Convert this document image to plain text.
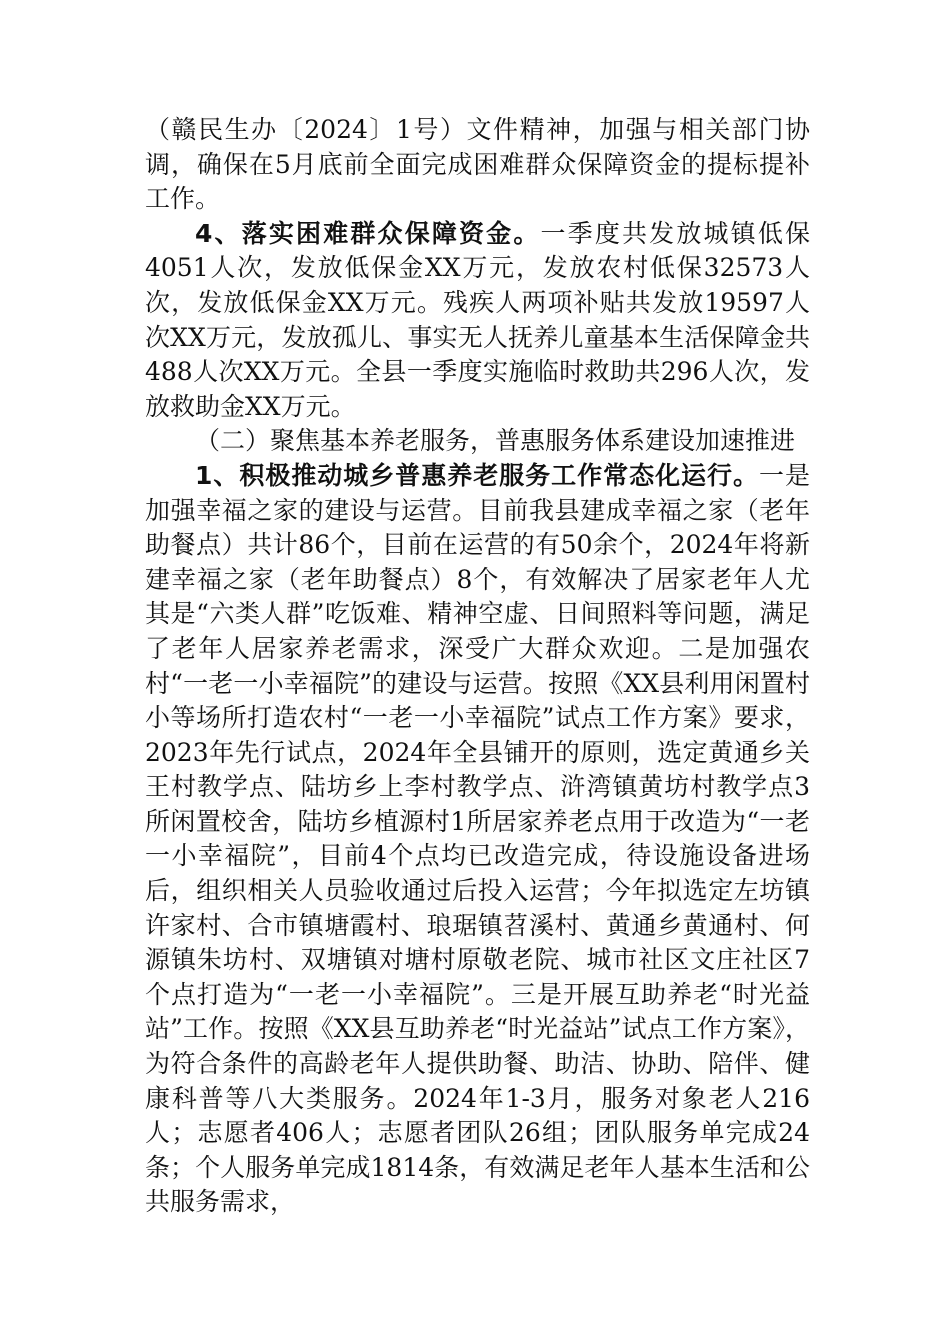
（赣民生办〔2024〕1号）文件精神，加强与相关部门协调，确保在5月底前全面完成困难群众保障资金的提标提补工作。

4、落实困难群众保障资金。一季度共发放城镇低保4051人次，发放低保金XX万元，发放农村低保32573人次，发放低保金XX万元。残疾人两项补贴共发放19597人次XX万元，发放孤儿、事实无人抚养儿童基本生活保障金共488人次XX万元。全县一季度实施临时救助共296人次，发放救助金XX万元。

（二）聚焦基本养老服务，普惠服务体系建设加速推进

1、积极推动城乡普惠养老服务工作常态化运行。一是加强幸福之家的建设与运营。目前我县建成幸福之家（老年助餐点）共计86个，目前在运营的有50余个，2024年将新建幸福之家（老年助餐点）8个，有效解决了居家老年人尤其是“六类人群”吃饭难、精神空虚、日间照料等问题，满足了老年人居家养老需求，深受广大群众欢迎。二是加强农村“一老一小幸福院”的建设与运营。按照《XX县利用闲置村小等场所打造农村“一老一小幸福院”试点工作方案》要求，2023年先行试点，2024年全县铺开的原则，选定黄通乡关王村教学点、陆坊乡上李村教学点、浒湾镇黄坊村教学点3所闲置校舍，陆坊乡植源村1所居家养老点用于改造为“一老一小幸福院”，目前4个点均已改造完成，待设施设备进场后，组织相关人员验收通过后投入运营；今年拟选定左坊镇许家村、合市镇塘霞村、琅琚镇苕溪村、黄通乡黄通村、何源镇朱坊村、双塘镇对塘村原敬老院、城市社区文庄社区7个点打造为“一老一小幸福院”。三是开展互助养老“时光益站”工作。按照《XX县互助养老“时光益站”试点工作方案》，为符合条件的高龄老年人提供助餐、助洁、协助、陪伴、健康科普等八大类服务。2024年1-3月，服务对象老人216人；志愿者406人；志愿者团队26组；团队服务单完成24条；个人服务单完成1814条，有效满足老年人基本生活和公共服务需求，
